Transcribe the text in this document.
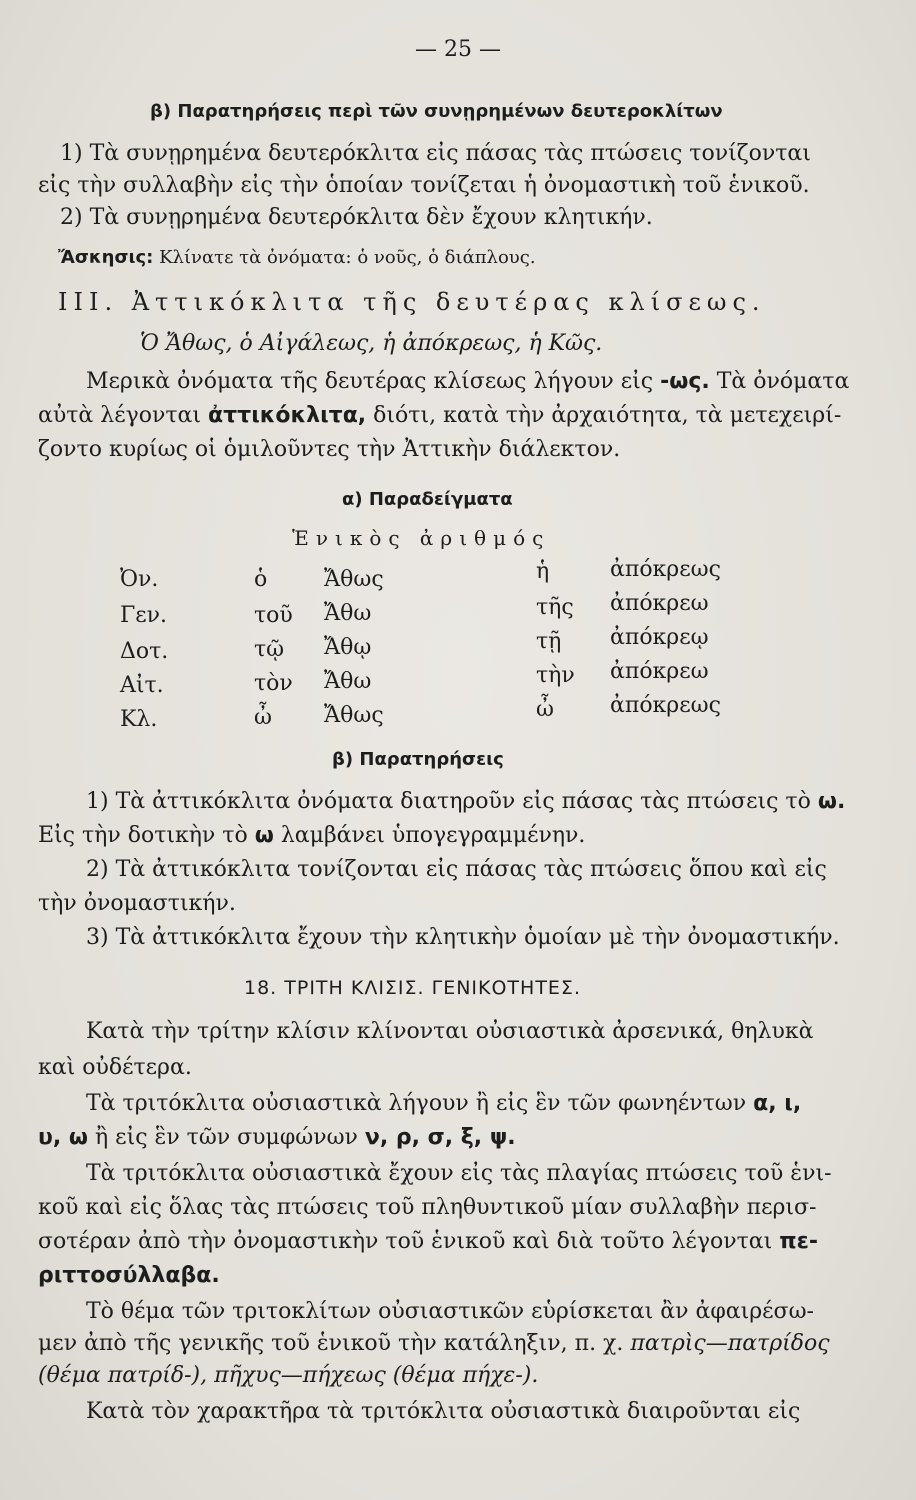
— 25 —
β) Παρατηρήσεις περὶ τῶν συνῃρημένων δευτεροκλίτων
1) Τὰ συνῃρημένα δευτερόκλιτα εἰς πάσας τὰς πτώσεις τονίζονται
εἰς τὴν συλλαβὴν εἰς τὴν ὁποίαν τονίζεται ἡ ὀνομαστικὴ τοῦ ἑνικοῦ.
2) Τὰ συνῃρημένα δευτερόκλιτα δὲν ἔχουν κλητικήν.
Ἄσκησις: Κλίνατε τὰ ὀνόματα: ὁ νοῦς, ὁ διάπλους.
III. Ἀττικόκλιτα τῆς δευτέρας κλίσεως.
Ὁ Ἄθως, ὁ Αἰγάλεως, ἡ ἀπόκρεως, ἡ Κῶς.
Μερικὰ ὀνόματα τῆς δευτέρας κλίσεως λήγουν εἰς -ως. Τὰ ὀνόματα
αὐτὰ λέγονται ἀττικόκλιτα, διότι, κατὰ τὴν ἀρχαιότητα, τὰ μετεχειρί-
ζοντο κυρίως οἱ ὁμιλοῦντες τὴν Ἀττικὴν διάλεκτον.
α) Παραδείγματα
Ἑνικὸς ἀριθμός
Ὀν.	ὁ	Ἄθως	ἡ	ἀπόκρεως
Γεν.	τοῦ Ἄθω	τῆς ἀπόκρεω
Δοτ.	τῷ Ἄθῳ	τῇ ἀπόκρεῳ
Αἰτ.	τὸν Ἄθω	τὴν ἀπόκρεω
Κλ.	ὦ Ἄθως	ὦ	ἀπόκρεως
β) Παρατηρήσεις
1) Τὰ ἀττικόκλιτα ὀνόματα διατηροῦν εἰς πάσας τὰς πτώσεις τὸ ω.
Εἰς τὴν δοτικὴν τὸ ω λαμβάνει ὑπογεγραμμένην.
2) Τὰ ἀττικόκλιτα τονίζονται εἰς πάσας τὰς πτώσεις ὅπου καὶ εἰς
τὴν ὀνομαστικήν.
3) Τὰ ἀττικόκλιτα ἔχουν τὴν κλητικὴν ὁμοίαν μὲ τὴν ὀνομαστικήν.
18. ΤΡΙΤΗ ΚΛΙΣΙΣ. ΓΕΝΙΚΟΤΗΤΕΣ.
Κατὰ τὴν τρίτην κλίσιν κλίνονται οὐσιαστικὰ ἀρσενικά, θηλυκὰ
καὶ οὐδέτερα.
Τὰ τριτόκλιτα οὐσιαστικὰ λήγουν ἢ εἰς ἓν τῶν φωνηέντων α, ι,
υ, ω ἢ εἰς ἓν τῶν συμφώνων ν, ρ, σ, ξ, ψ.
Τὰ τριτόκλιτα οὐσιαστικὰ ἔχουν εἰς τὰς πλαγίας πτώσεις τοῦ ἑνι-
κοῦ καὶ εἰς ὅλας τὰς πτώσεις τοῦ πληθυντικοῦ μίαν συλλαβὴν περισ-
σοτέραν ἀπὸ τὴν ὀνομαστικὴν τοῦ ἑνικοῦ καὶ διὰ τοῦτο λέγονται πε-
ριττοσύλλαβα.
Τὸ θέμα τῶν τριτοκλίτων οὐσιαστικῶν εὑρίσκεται ἂν ἀφαιρέσω-
μεν ἀπὸ τῆς γενικῆς τοῦ ἑνικοῦ τὴν κατάληξιν, π. χ. πατρὶς—πατρίδος
(θέμα πατρίδ-), πῆχυς—πήχεως (θέμα πήχε-).
Κατὰ τὸν χαρακτῆρα τὰ τριτόκλιτα οὐσιαστικὰ διαιροῦνται εἰς
